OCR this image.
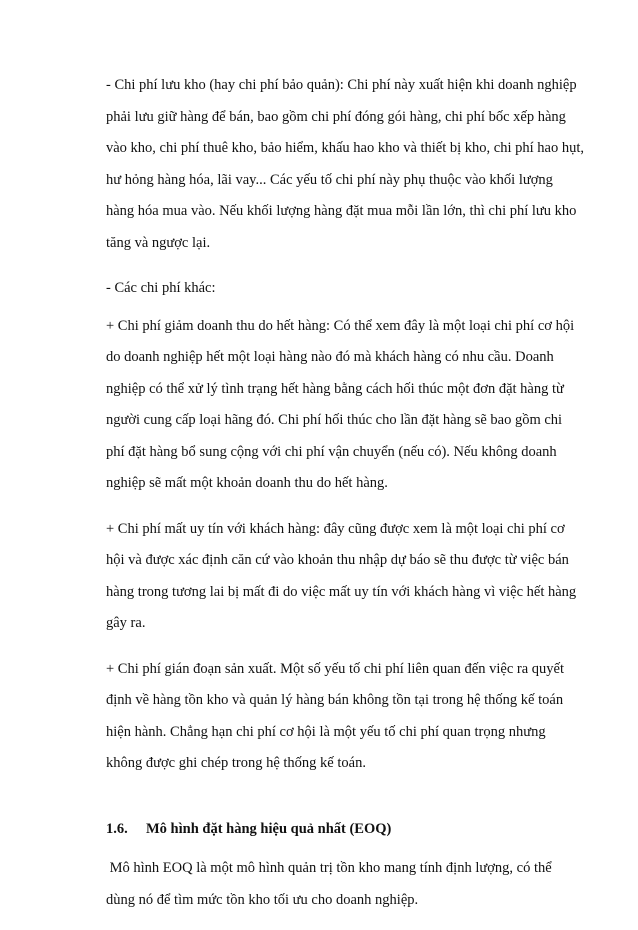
- Chi phí lưu kho (hay chi phí bảo quản): Chi phí này xuất hiện khi doanh nghiệp phải lưu giữ hàng để bán, bao gồm chi phí đóng gói hàng, chi phí bốc xếp hàng vào kho, chi phí thuê kho, bảo hiểm, khấu hao kho và thiết bị kho, chi phí hao hụt, hư hỏng hàng hóa, lãi vay... Các yếu tố chi phí này phụ thuộc vào khối lượng hàng hóa mua vào. Nếu khối lượng hàng đặt mua mỗi lần lớn, thì chi phí lưu kho tăng và ngược lại.

- Các chi phí khác:

+ Chi phí giảm doanh thu do hết hàng: Có thể xem đây là một loại chi phí cơ hội do doanh nghiệp hết một loại hàng nào đó mà khách hàng có nhu cầu. Doanh nghiệp có thể xử lý tình trạng hết hàng bằng cách hối thúc một đơn đặt hàng từ người cung cấp loại hãng đó. Chi phí hối thúc cho lần đặt hàng sẽ bao gồm chi phí đặt hàng bổ sung cộng với chi phí vận chuyển (nếu có). Nếu không doanh nghiệp sẽ mất một khoản doanh thu do hết hàng.

+ Chi phí mất uy tín với khách hàng: đây cũng được xem là một loại chi phí cơ hội và được xác định căn cứ vào khoản thu nhập dự báo sẽ thu được từ việc bán hàng trong tương lai bị mất đi do việc mất uy tín với khách hàng vì việc hết hàng gây ra.

+ Chi phí gián đoạn sản xuất. Một số yếu tố chi phí liên quan đến việc ra quyết định về hàng tồn kho và quản lý hàng bán không tồn tại trong hệ thống kế toán hiện hành. Chẳng hạn chi phí cơ hội là một yếu tố chi phí quan trọng nhưng không được ghi chép trong hệ thống kế toán.

1.6.	Mô hình đặt hàng hiệu quả nhất (EOQ)

Mô hình EOQ là một mô hình quản trị tồn kho mang tính định lượng, có thể dùng nó để tìm mức tồn kho tối ưu cho doanh nghiệp.
